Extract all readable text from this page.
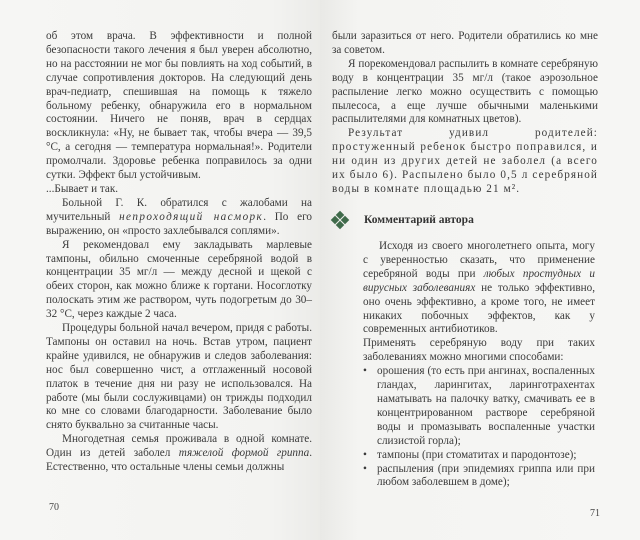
об этом врача. В эффективности и полной безопасности такого лечения я был уверен абсолютно, но на расстоянии не мог бы повлиять на ход событий, в случае сопротивления докторов. На следующий день врач-педиатр, спешившая на помощь к тяжело больному ребенку, обнаружила его в нормальном состоянии. Ничего не поняв, врач в сердцах воскликнула: «Ну, не бывает так, чтобы вчера — 39,5 °С, а сегодня — температура нормальная!». Родители промолчали. Здоровье ребенка поправилось за одни сутки. Эффект был устойчивым.

...Бывает и так.

Больной Г. К. обратился с жалобами на мучительный непроходящий насморк. По его выражению, он «просто захлебывался соплями».

Я рекомендовал ему закладывать марлевые тампоны, обильно смоченные серебряной водой в концентрации 35 мг/л — между десной и щекой с обеих сторон, как можно ближе к гортани. Носоглотку полоскать этим же раствором, чуть подогретым до 30–32 °С, через каждые 2 часа.

Процедуры больной начал вечером, придя с работы. Тампоны он оставил на ночь. Встав утром, пациент крайне удивился, не обнаружив и следов заболевания: нос был совершенно чист, а отглаженный носовой платок в течение дня ни разу не использовался. На работе (мы были сослуживцами) он трижды подходил ко мне со словами благодарности. Заболевание было снято буквально за считанные часы.

Многодетная семья проживала в одной комнате. Один из детей заболел тяжелой формой гриппа. Естественно, что остальные члены семьи должны

70

были заразиться от него. Родители обратились ко мне за советом.

Я порекомендовал распылить в комнате серебряную воду в концентрации 35 мг/л (такое аэрозольное распыление легко можно осуществить с помощью пылесоса, а еще лучше обычными маленькими распылителями для комнатных цветов).

Результат удивил родителей: простуженный ребенок быстро поправился, и ни один из других детей не заболел (а всего их было 6). Распылено было 0,5 л серебряной воды в комнате площадью 21 м².

Комментарий автора

Исходя из своего многолетнего опыта, могу с уверенностью сказать, что применение серебряной воды при любых простудных и вирусных заболеваниях не только эффективно, оно очень эффективно, а кроме того, не имеет никаких побочных эффектов, как у современных антибиотиков.

Применять серебряную воду при таких заболеваниях можно многими способами:

• орошения (то есть при ангинах, воспаленных гландах, ларингитах, ларинготрахентах наматывать на палочку ватку, смачивать ее в концентрированном растворе серебряной воды и промазывать воспаленные участки слизистой горла);
• тампоны (при стоматитах и пародонтозе);
• распыления (при эпидемиях гриппа или при любом заболевшем в доме);
71
